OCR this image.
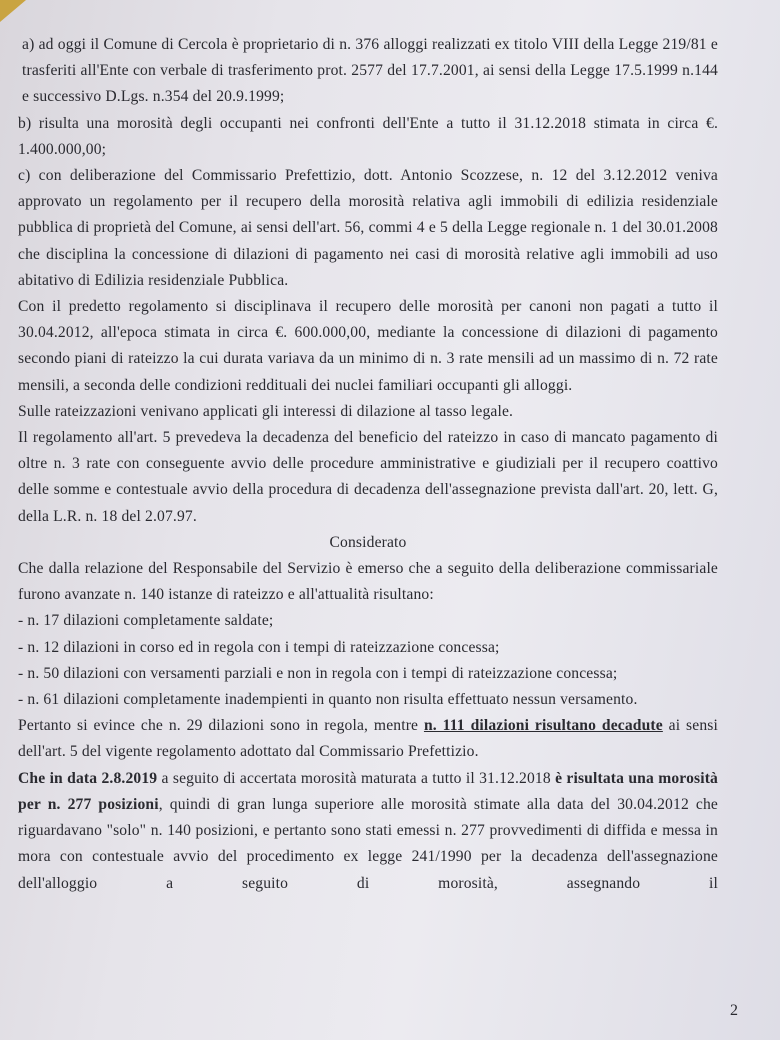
a) ad oggi il Comune di Cercola è proprietario di n. 376 alloggi realizzati ex titolo VIII della Legge 219/81 e trasferiti all'Ente con verbale di trasferimento prot. 2577 del 17.7.2001, ai sensi della Legge 17.5.1999 n.144 e successivo D.Lgs. n.354 del 20.9.1999;

b) risulta una morosità degli occupanti nei confronti dell'Ente a tutto il 31.12.2018 stimata in circa €. 1.400.000,00;

c) con deliberazione del Commissario Prefettizio, dott. Antonio Scozzese, n. 12 del 3.12.2012 veniva approvato un regolamento per il recupero della morosità relativa agli immobili di edilizia residenziale pubblica di proprietà del Comune, ai sensi dell'art. 56, commi 4 e 5 della Legge regionale n. 1 del 30.01.2008 che disciplina la concessione di dilazioni di pagamento nei casi di morosità relative agli immobili ad uso abitativo di Edilizia residenziale Pubblica.

Con il predetto regolamento si disciplinava il recupero delle morosità per canoni non pagati a tutto il 30.04.2012, all'epoca stimata in circa €. 600.000,00, mediante la concessione di dilazioni di pagamento secondo piani di rateizzo la cui durata variava da un minimo di n. 3 rate mensili ad un massimo di n. 72 rate mensili, a seconda delle condizioni reddituali dei nuclei familiari occupanti gli alloggi.

Sulle rateizzazioni venivano applicati gli interessi di dilazione al tasso legale.

Il regolamento all'art. 5 prevedeva la decadenza del beneficio del rateizzo in caso di mancato pagamento di oltre n. 3 rate con conseguente avvio delle procedure amministrative e giudiziali per il recupero coattivo delle somme e contestuale avvio della procedura di decadenza dell'assegnazione prevista dall'art. 20, lett. G, della L.R. n. 18 del 2.07.97.

Considerato

Che dalla relazione del Responsabile del Servizio è emerso che a seguito della deliberazione commissariale furono avanzate n. 140 istanze di rateizzo e all'attualità risultano:

- n. 17 dilazioni completamente saldate;

- n. 12 dilazioni in corso ed in regola con i tempi di rateizzazione concessa;

- n. 50 dilazioni con versamenti parziali e non in regola con i tempi di rateizzazione concessa;

- n. 61 dilazioni completamente inadempienti in quanto non risulta effettuato nessun versamento.

Pertanto si evince che n. 29 dilazioni sono in regola, mentre n. 111 dilazioni risultano decadute ai sensi dell'art. 5 del vigente regolamento adottato dal Commissario Prefettizio.

Che in data 2.8.2019 a seguito di accertata morosità maturata a tutto il 31.12.2018 è risultata una morosità per n. 277 posizioni, quindi di gran lunga superiore alle morosità stimate alla data del 30.04.2012 che riguardavano "solo" n. 140 posizioni, e pertanto sono stati emessi n. 277 provvedimenti di diffida e messa in mora con contestuale avvio del procedimento ex legge 241/1990 per la decadenza dell'assegnazione dell'alloggio a seguito di morosità, assegnando il

2
